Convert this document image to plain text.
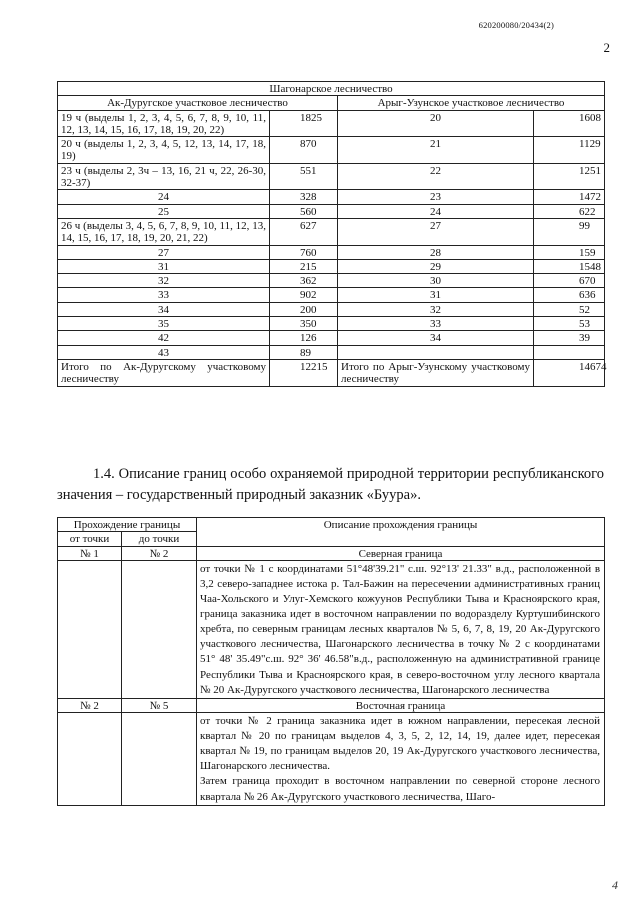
620200080/20434(2)
2
Шагонарское лесничество			
Ак-Дуругское участковое лесничество		Арыг-Узунское участковое лесничество	
19 ч (выделы 1, 2, 3, 4, 5, 6, 7, 8, 9, 10, 11, 12, 13, 14, 15, 16, 17, 18, 19, 20, 22)	1825	20	1608
20 ч (выделы 1, 2, 3, 4, 5, 12, 13, 14, 17, 18, 19)	870	21	1129
23 ч (выделы 2, 3ч – 13, 16, 21 ч, 22, 26-30, 32-37)	551	22	1251
24	328	23	1472
25	560	24	622
26 ч (выделы 3, 4, 5, 6, 7, 8, 9, 10, 11, 12, 13, 14, 15, 16, 17, 18, 19, 20, 21, 22)	627	27	99
27	760	28	159
31	215	29	1548
32	362	30	670
33	902	31	636
34	200	32	52
35	350	33	53
42	126	34	39
43	89		
Итого по Ак-Дуругскому участковому лесничеству	12215	Итого по Арыг-Узунскому участковому лесничеству	14674
1.4. Описание границ особо охраняемой природной территории республиканского значения – государственный природный заказник «Буура».
Прохождение границы		Описание прохождения границы
от точки	до точки	
№ 1	№ 2	Северная граница
		от точки № 1 с координатами 51°48'39.21" с.ш. 92°13' 21.33" в.д., расположенной в 3,2 северо-западнее истока р. Тал-Бажин на пересечении административных границ Чаа-Хольского и Улуг-Хемского кожуунов Республики Тыва и Красноярского края, граница заказника идет в восточном направлении по водоразделу Куртушибинского хребта, по северным границам лесных кварталов № 5, 6, 7, 8, 19, 20 Ак-Дуругского участкового лесничества, Шагонарского лесничества в точку № 2 с координатами 51° 48' 35.49"с.ш. 92° 36' 46.58"в.д., расположенную на административной границе Республики Тыва и Красноярского края, в северо-восточном углу лесного квартала № 20 Ак-Дуругского участкового лесничества, Шагонарского лесничества
№ 2	№ 5	Восточная граница
		от точки № 2 граница заказника идет в южном направлении, пересекая лесной квартал № 20 по границам выделов 4, 3, 5, 2, 12, 14, 19, далее идет, пересекая квартал № 19, по границам выделов 20, 19 Ак-Дуругского участкового лесничества, Шагонарского лесничества.
Затем граница проходит в восточном направлении по северной стороне лесного квартала № 26 Ак-Дуругского участкового лесничества, Шаго-
4
